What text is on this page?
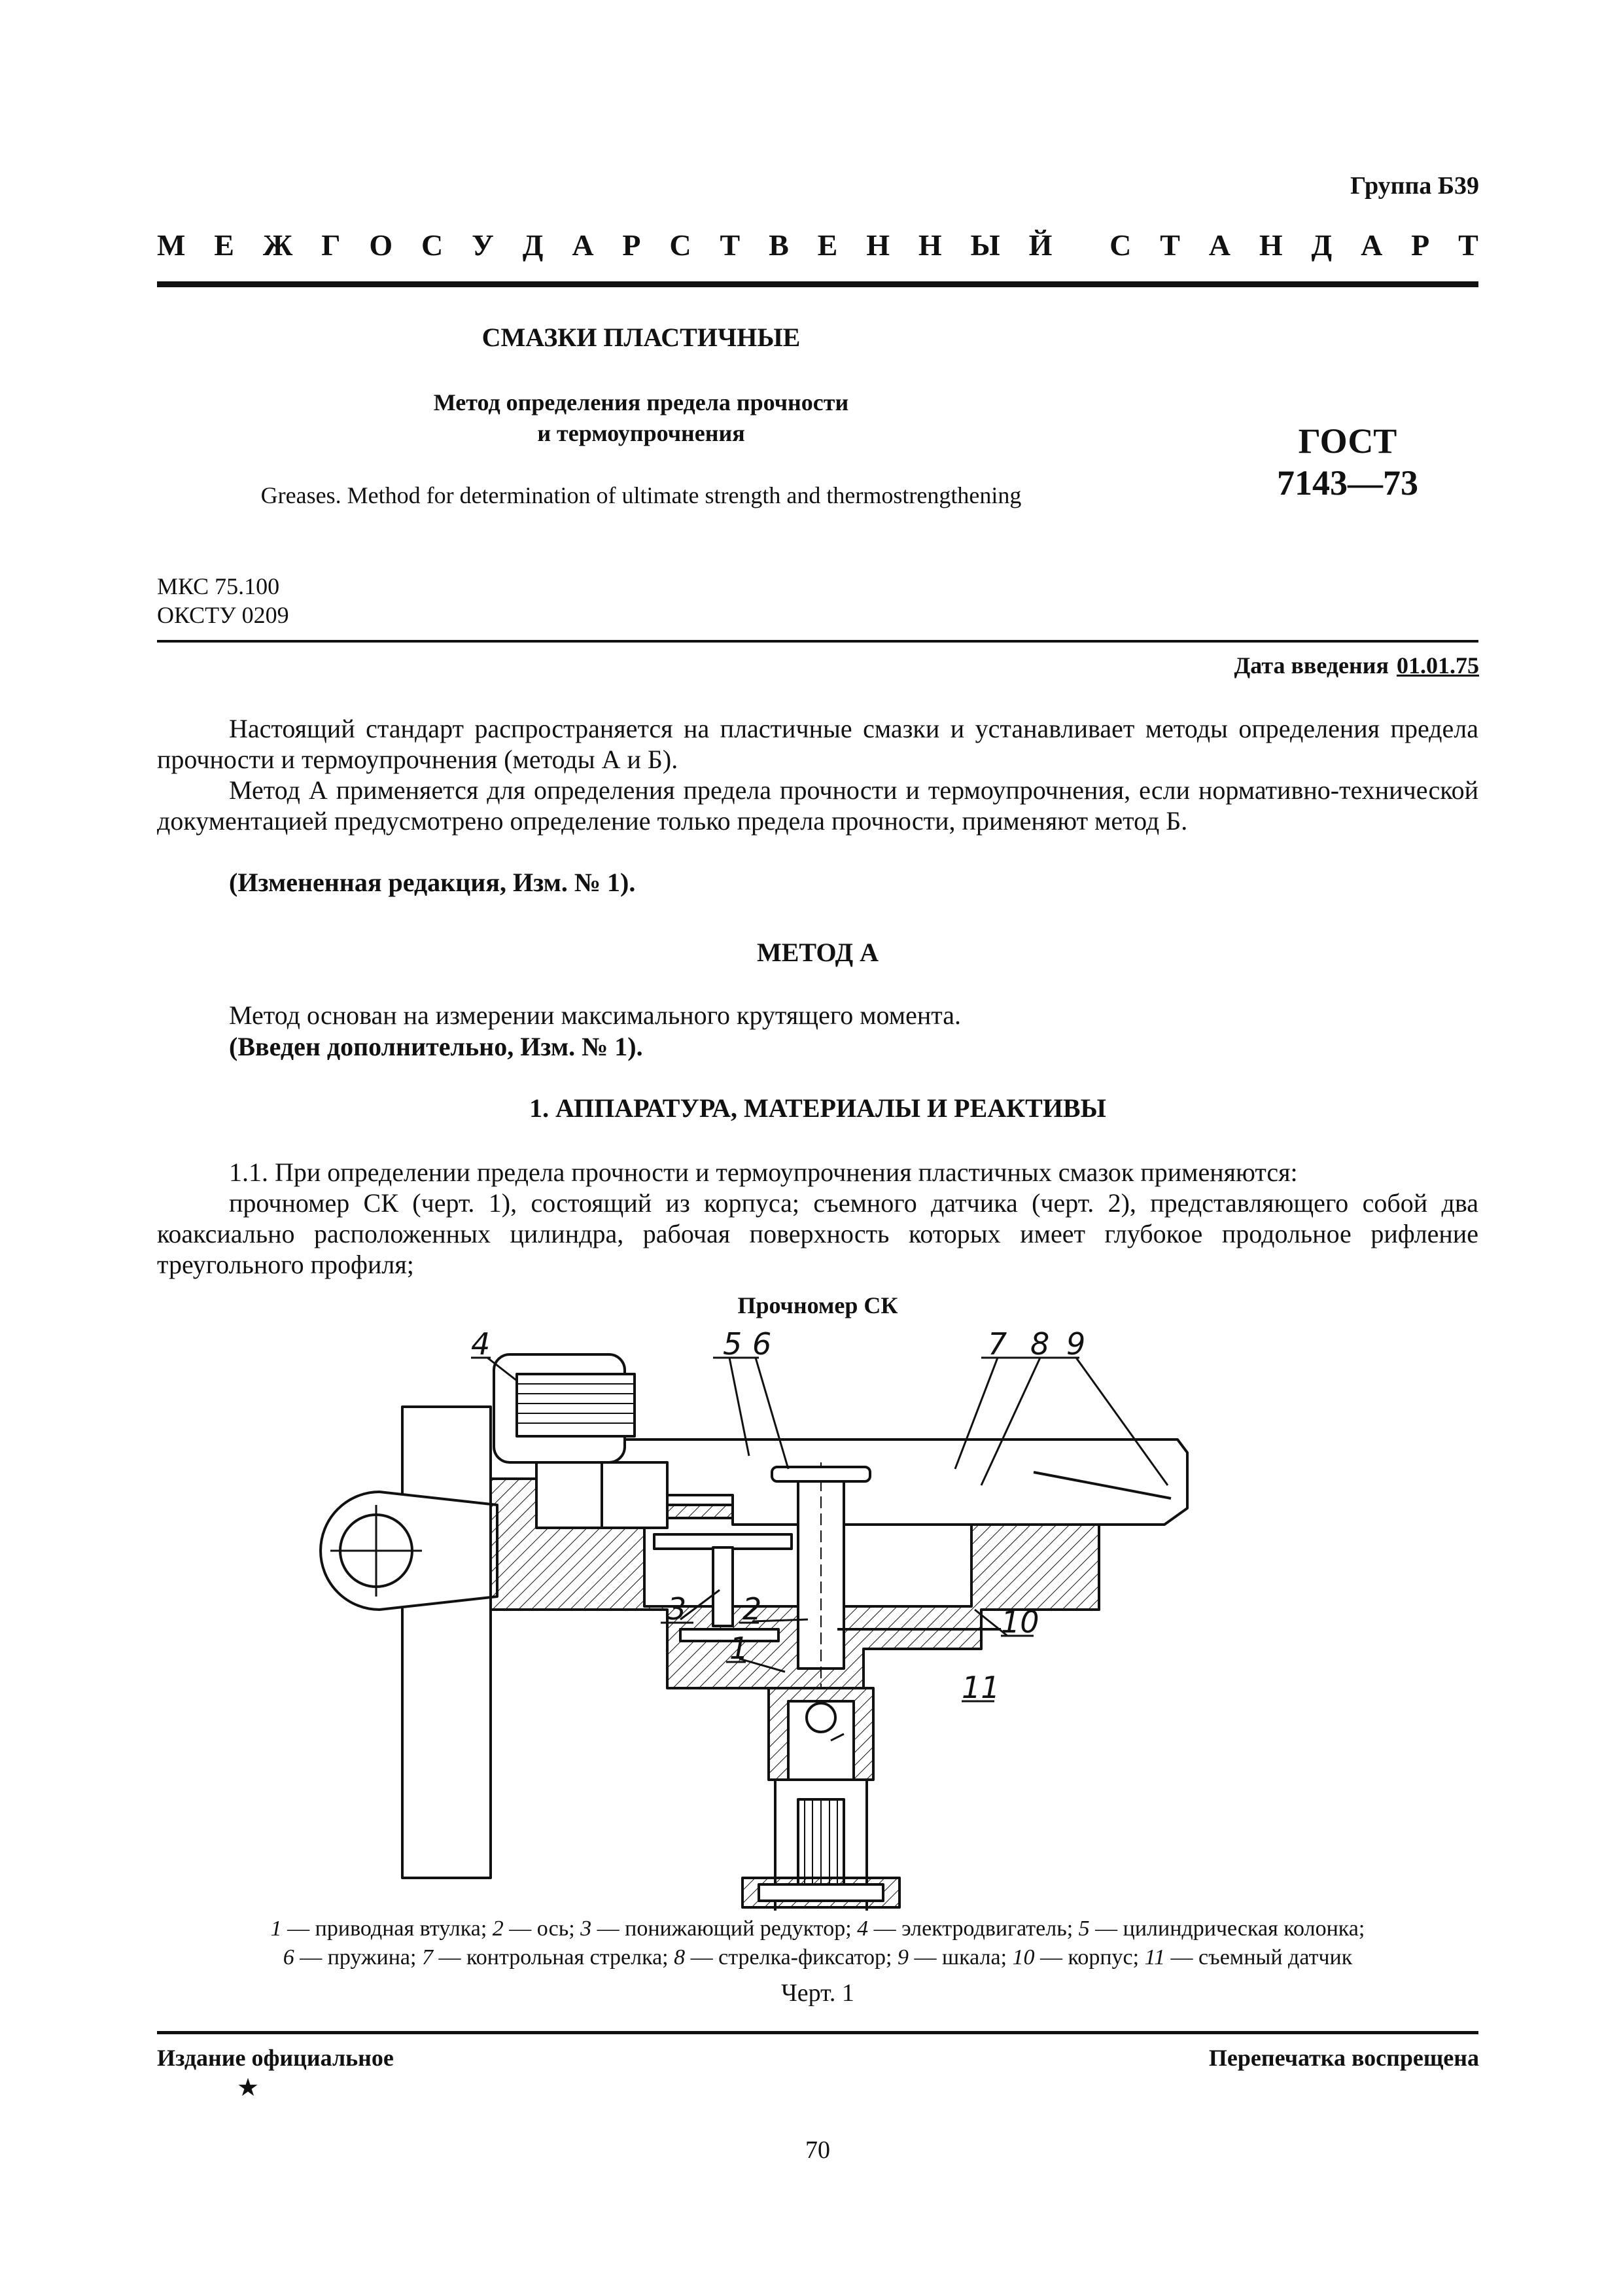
Группа Б39
М Е Ж Г О С У Д А Р С Т В Е Н Н Ы Й С Т А Н Д А Р Т
СМАЗКИ ПЛАСТИЧНЫЕ
Метод определения предела прочности
и термоупрочнения
Greases. Method for determination of ultimate strength and thermostrengthening
ГОСТ
7143—73
МКС 75.100
ОКСТУ 0209
Дата введения 01.01.75
Настоящий стандарт распространяется на пластичные смазки и устанавливает методы определения предела прочности и термоупрочнения (методы А и Б).
Метод А применяется для определения предела прочности и термоупрочнения, если нормативно-технической документацией предусмотрено определение только предела прочности, применяют метод Б.
(Измененная редакция, Изм. № 1).
МЕТОД А
Метод основан на измерении максимального крутящего момента.
(Введен дополнительно, Изм. № 1).
1. АППАРАТУРА, МАТЕРИАЛЫ И РЕАКТИВЫ
1.1. При определении предела прочности и термоупрочнения пластичных смазок применяются:
прочномер СК (черт. 1), состоящий из корпуса; съемного датчика (черт. 2), представляющего собой два коаксиально расположенных цилиндра, рабочая поверхность которых имеет глубокое продольное рифление треугольного профиля;
Прочномер СК
4	5 6	7 8 9
3 2
1
10
11
1 — приводная втулка; 2 — ось; 3 — понижающий редуктор; 4 — электродвигатель; 5 — цилиндрическая колонка;
6 — пружина; 7 — контрольная стрелка; 8 — стрелка-фиксатор; 9 — шкала; 10 — корпус; 11 — съемный датчик
Черт. 1
Издание официальное
★
Перепечатка воспрещена
70
